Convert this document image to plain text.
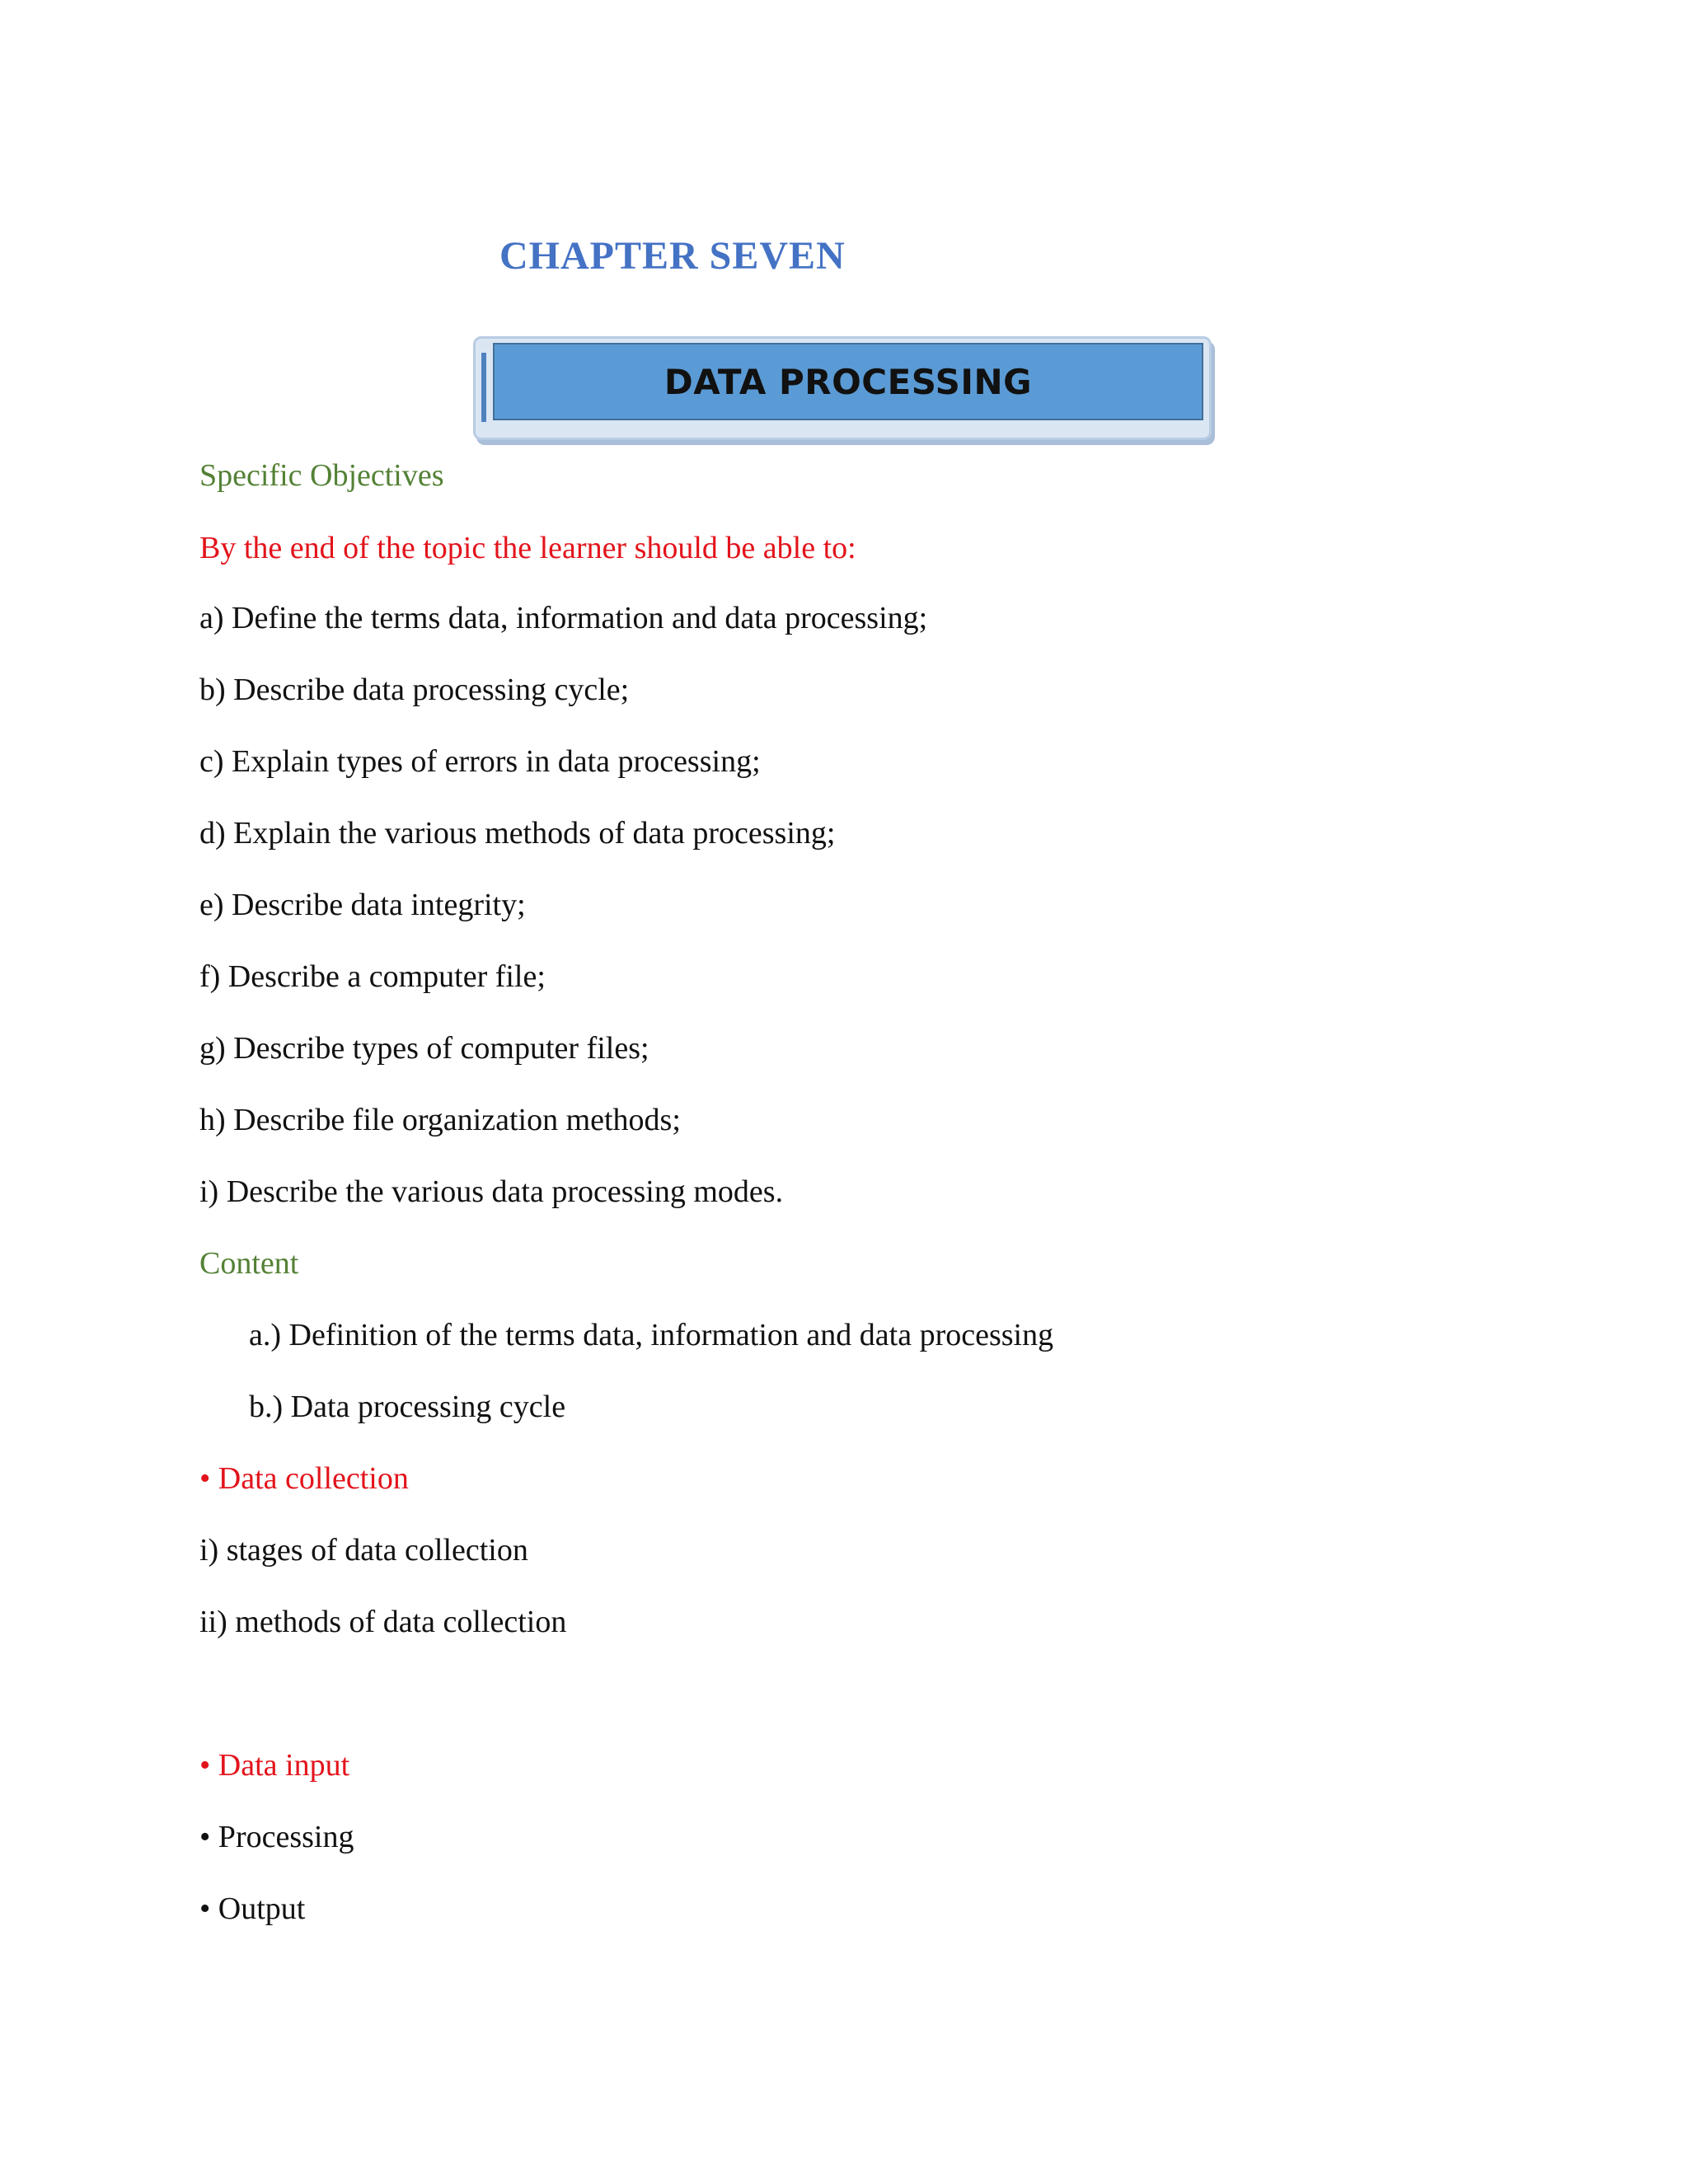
CHAPTER SEVEN
DATA PROCESSING
Specific Objectives
By the end of the topic the learner should be able to:
a) Define the terms data, information and data processing;
b) Describe data processing cycle;
c) Explain types of errors in data processing;
d) Explain the various methods of data processing;
e) Describe data integrity;
f) Describe a computer file;
g) Describe types of computer files;
h) Describe file organization methods;
i) Describe the various data processing modes.
Content
a.) Definition of the terms data, information and data processing
b.) Data processing cycle
• Data collection
i) stages of data collection
ii) methods of data collection
• Data input
• Processing
• Output
